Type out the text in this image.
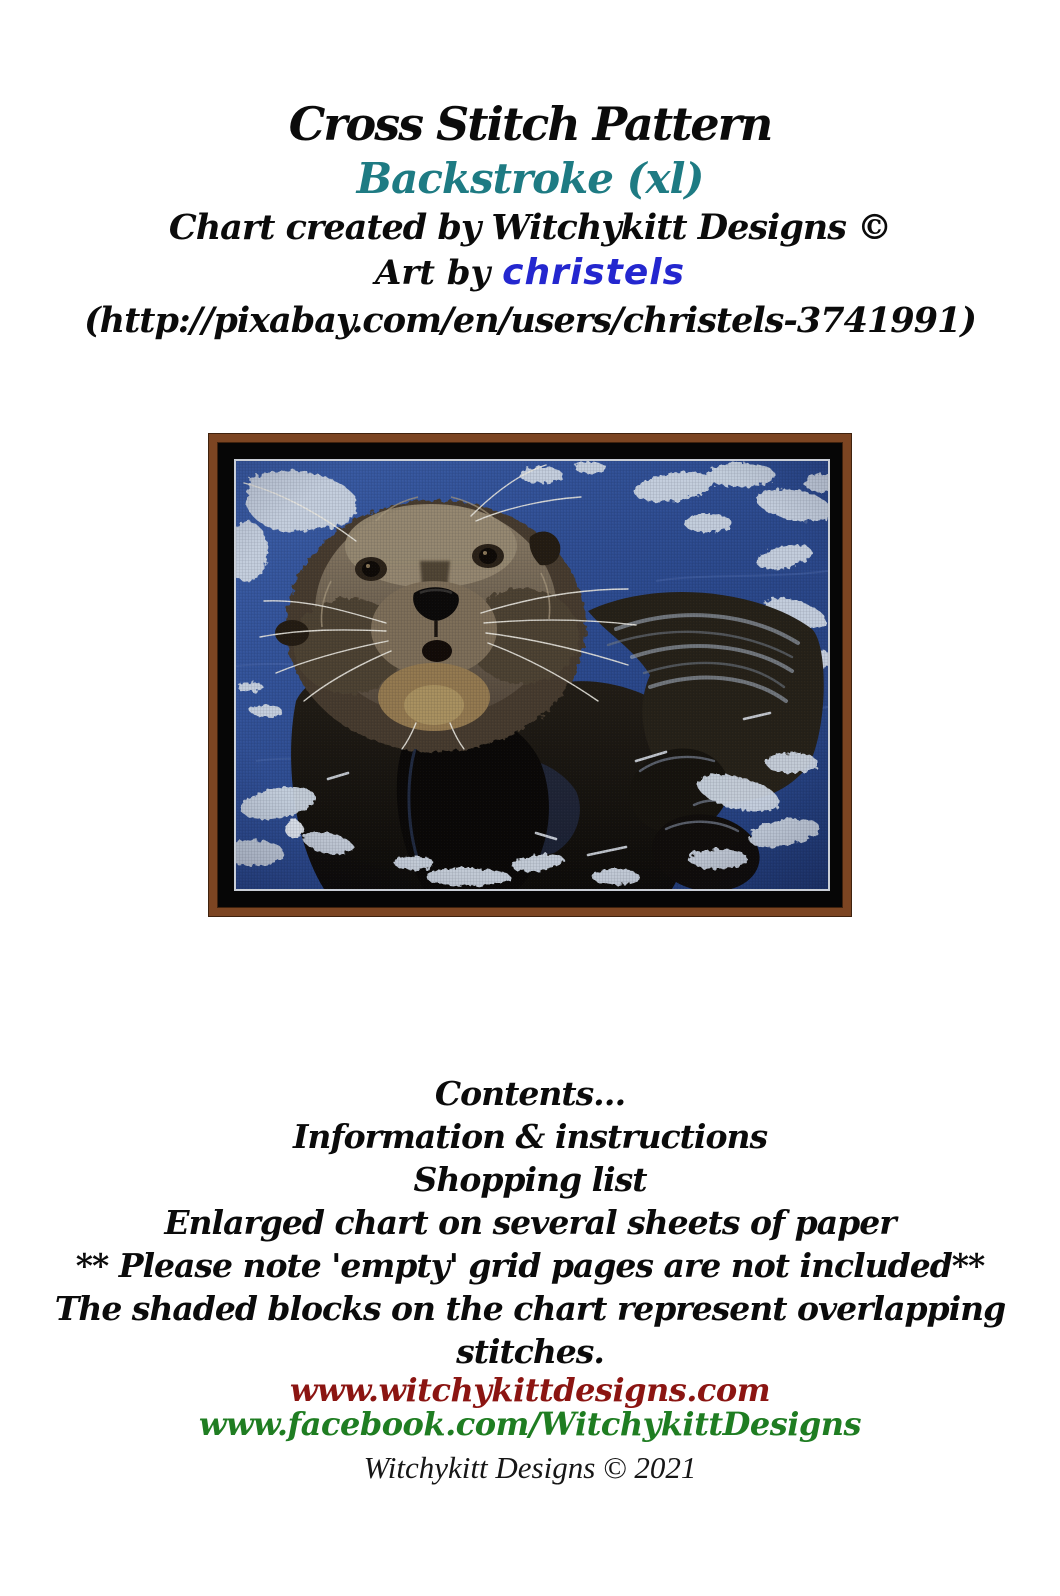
Cross Stitch Pattern
Backstroke (xl)
Chart created by Witchykitt Designs ©
Art by christels
(http://pixabay.com/en/users/christels-3741991)
Contents…
Information & instructions
Shopping list
Enlarged chart on several sheets of paper
** Please note 'empty' grid pages are not included**
The shaded blocks on the chart represent overlapping stitches.
www.witchykittdesigns.com
www.facebook.com/WitchykittDesigns
Witchykitt Designs © 2021
